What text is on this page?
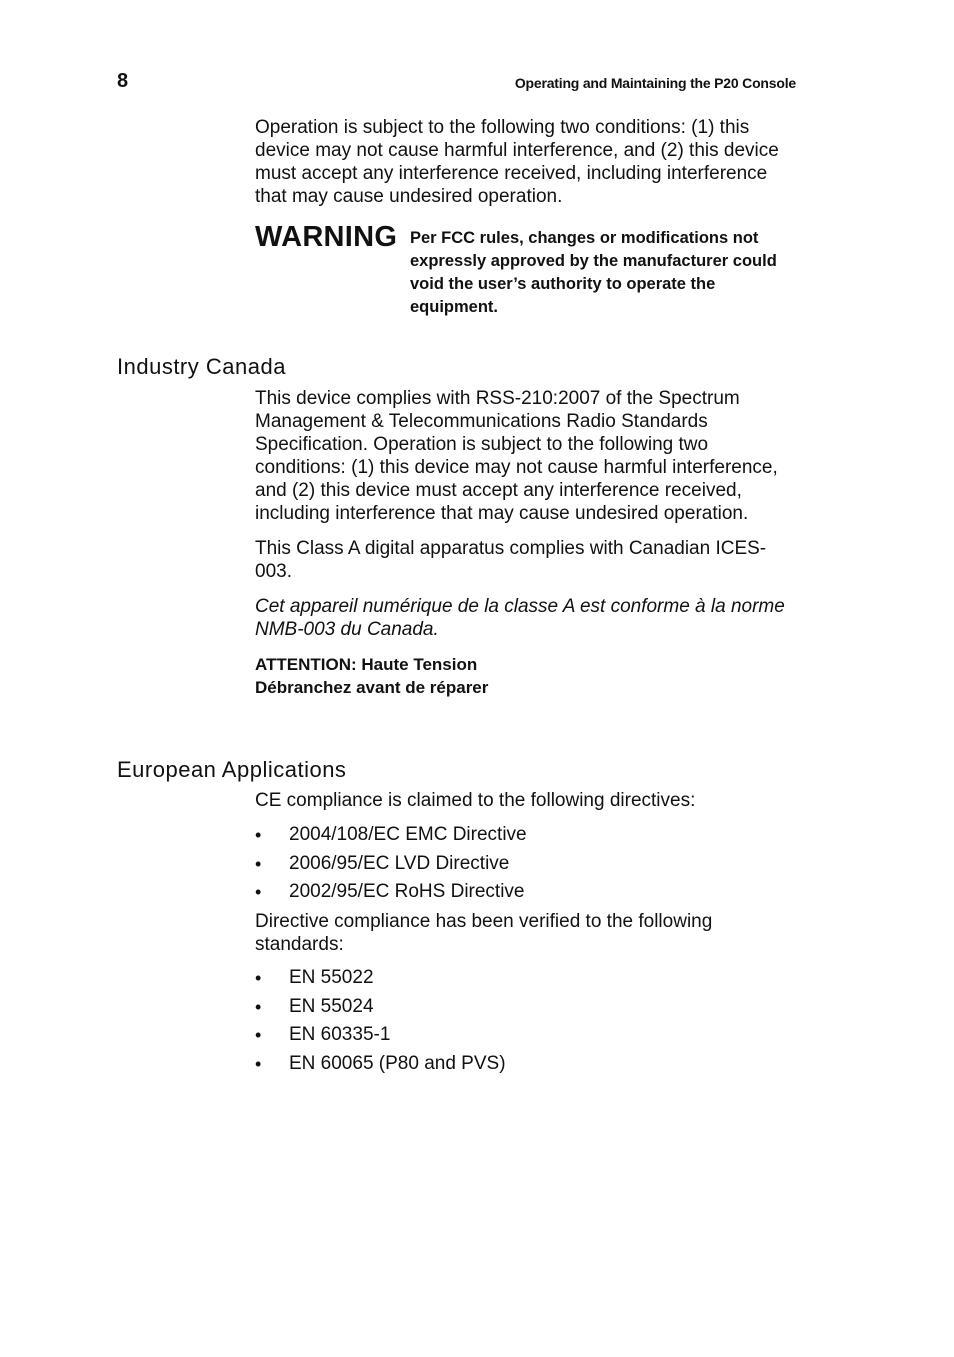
8	Operating and Maintaining the P20 Console

Operation is subject to the following two conditions: (1) this device may not cause harmful interference, and (2) this device must accept any interference received, including interference that may cause undesired operation.

WARNING Per FCC rules, changes or modifications not expressly approved by the manufacturer could void the user’s authority to operate the equipment.
Industry Canada

This device complies with RSS-210:2007 of the Spectrum Management & Telecommunications Radio Standards Specification. Operation is subject to the following two conditions: (1) this device may not cause harmful interference, and (2) this device must accept any interference received, including interference that may cause undesired operation.

This Class A digital apparatus complies with Canadian ICES-003.

Cet appareil numérique de la classe A est conforme à la norme NMB-003 du Canada.

ATTENTION: Haute Tension
Débranchez avant de réparer
European Applications

CE compliance is claimed to the following directives:

• 2004/108/EC EMC Directive
• 2006/95/EC LVD Directive
• 2002/95/EC RoHS Directive

Directive compliance has been verified to the following standards:

• EN 55022
• EN 55024
• EN 60335-1
• EN 60065 (P80 and PVS)
